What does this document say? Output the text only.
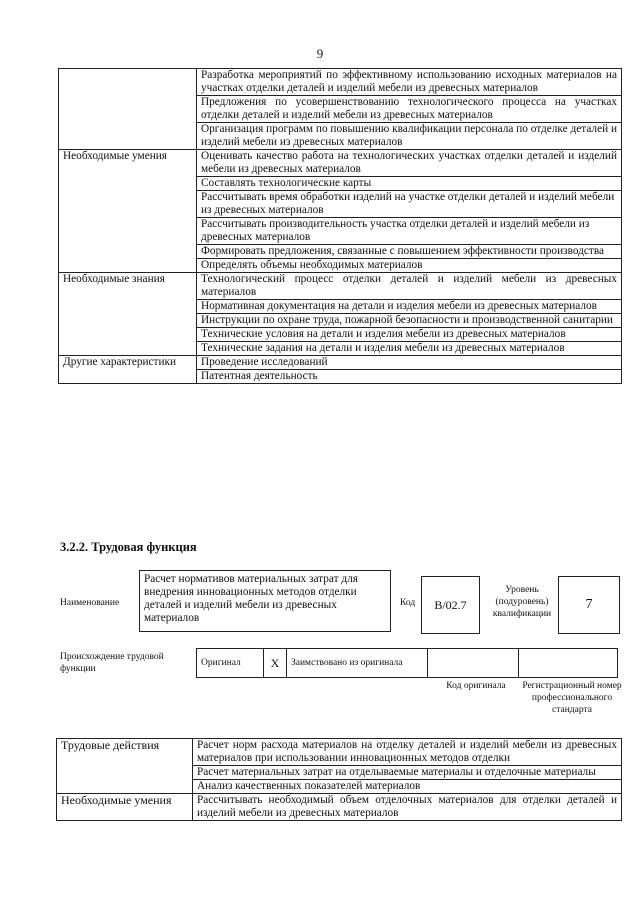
9
	Разработка мероприятий по эффективному использованию исходных материалов на участках отделки деталей и изделий мебели из древесных материалов
	Предложения по усовершенствованию технологического процесса на участках отделки деталей и изделий мебели из древесных материалов
	Организация программ по повышению квалификации персонала по отделке деталей и изделий мебели из древесных материалов
Необходимые умения	Оценивать качество работа на технологических участках отделки деталей и изделий мебели из древесных материалов
	Составлять технологические карты
	Рассчитывать время обработки изделий на участке отделки деталей и изделий мебели из древесных материалов
	Рассчитывать производительность участка отделки деталей и изделий мебели из древесных материалов
	Формировать предложения, связанные с повышением эффективности производства
	Определять объемы необходимых материалов
Необходимые знания	Технологический процесс отделки деталей и изделий мебели из древесных материалов
	Нормативная документация на детали и изделия мебели из древесных материалов
	Инструкции по охране труда, пожарной безопасности и производственной санитарии
	Технические условия на детали и изделия мебели из древесных материалов
	Технические задания на детали и изделия мебели из древесных материалов
Другие характеристики	Проведение исследований
	Патентная деятельность
3.2.2. Трудовая функция
Наименование
Расчет нормативов материальных затрат для внедрения инновационных методов отделки деталей и изделий мебели из древесных материалов
Код	B/02.7
Уровень (подуровень) квалификации
7
Происхождение трудовой функции
Оригинал	X	Заимствовано из оригинала		
Код оригинала	Регистрационный номер профессионального стандарта
Трудовые действия	Расчет норм расхода материалов на отделку деталей и изделий мебели из древесных материалов при использовании инновационных методов отделки
	Расчет материальных затрат на отделываемые материалы и отделочные материалы
	Анализ качественных показателей материалов
Необходимые умения	Рассчитывать необходимый объем отделочных материалов для отделки деталей и изделий мебели из древесных материалов
